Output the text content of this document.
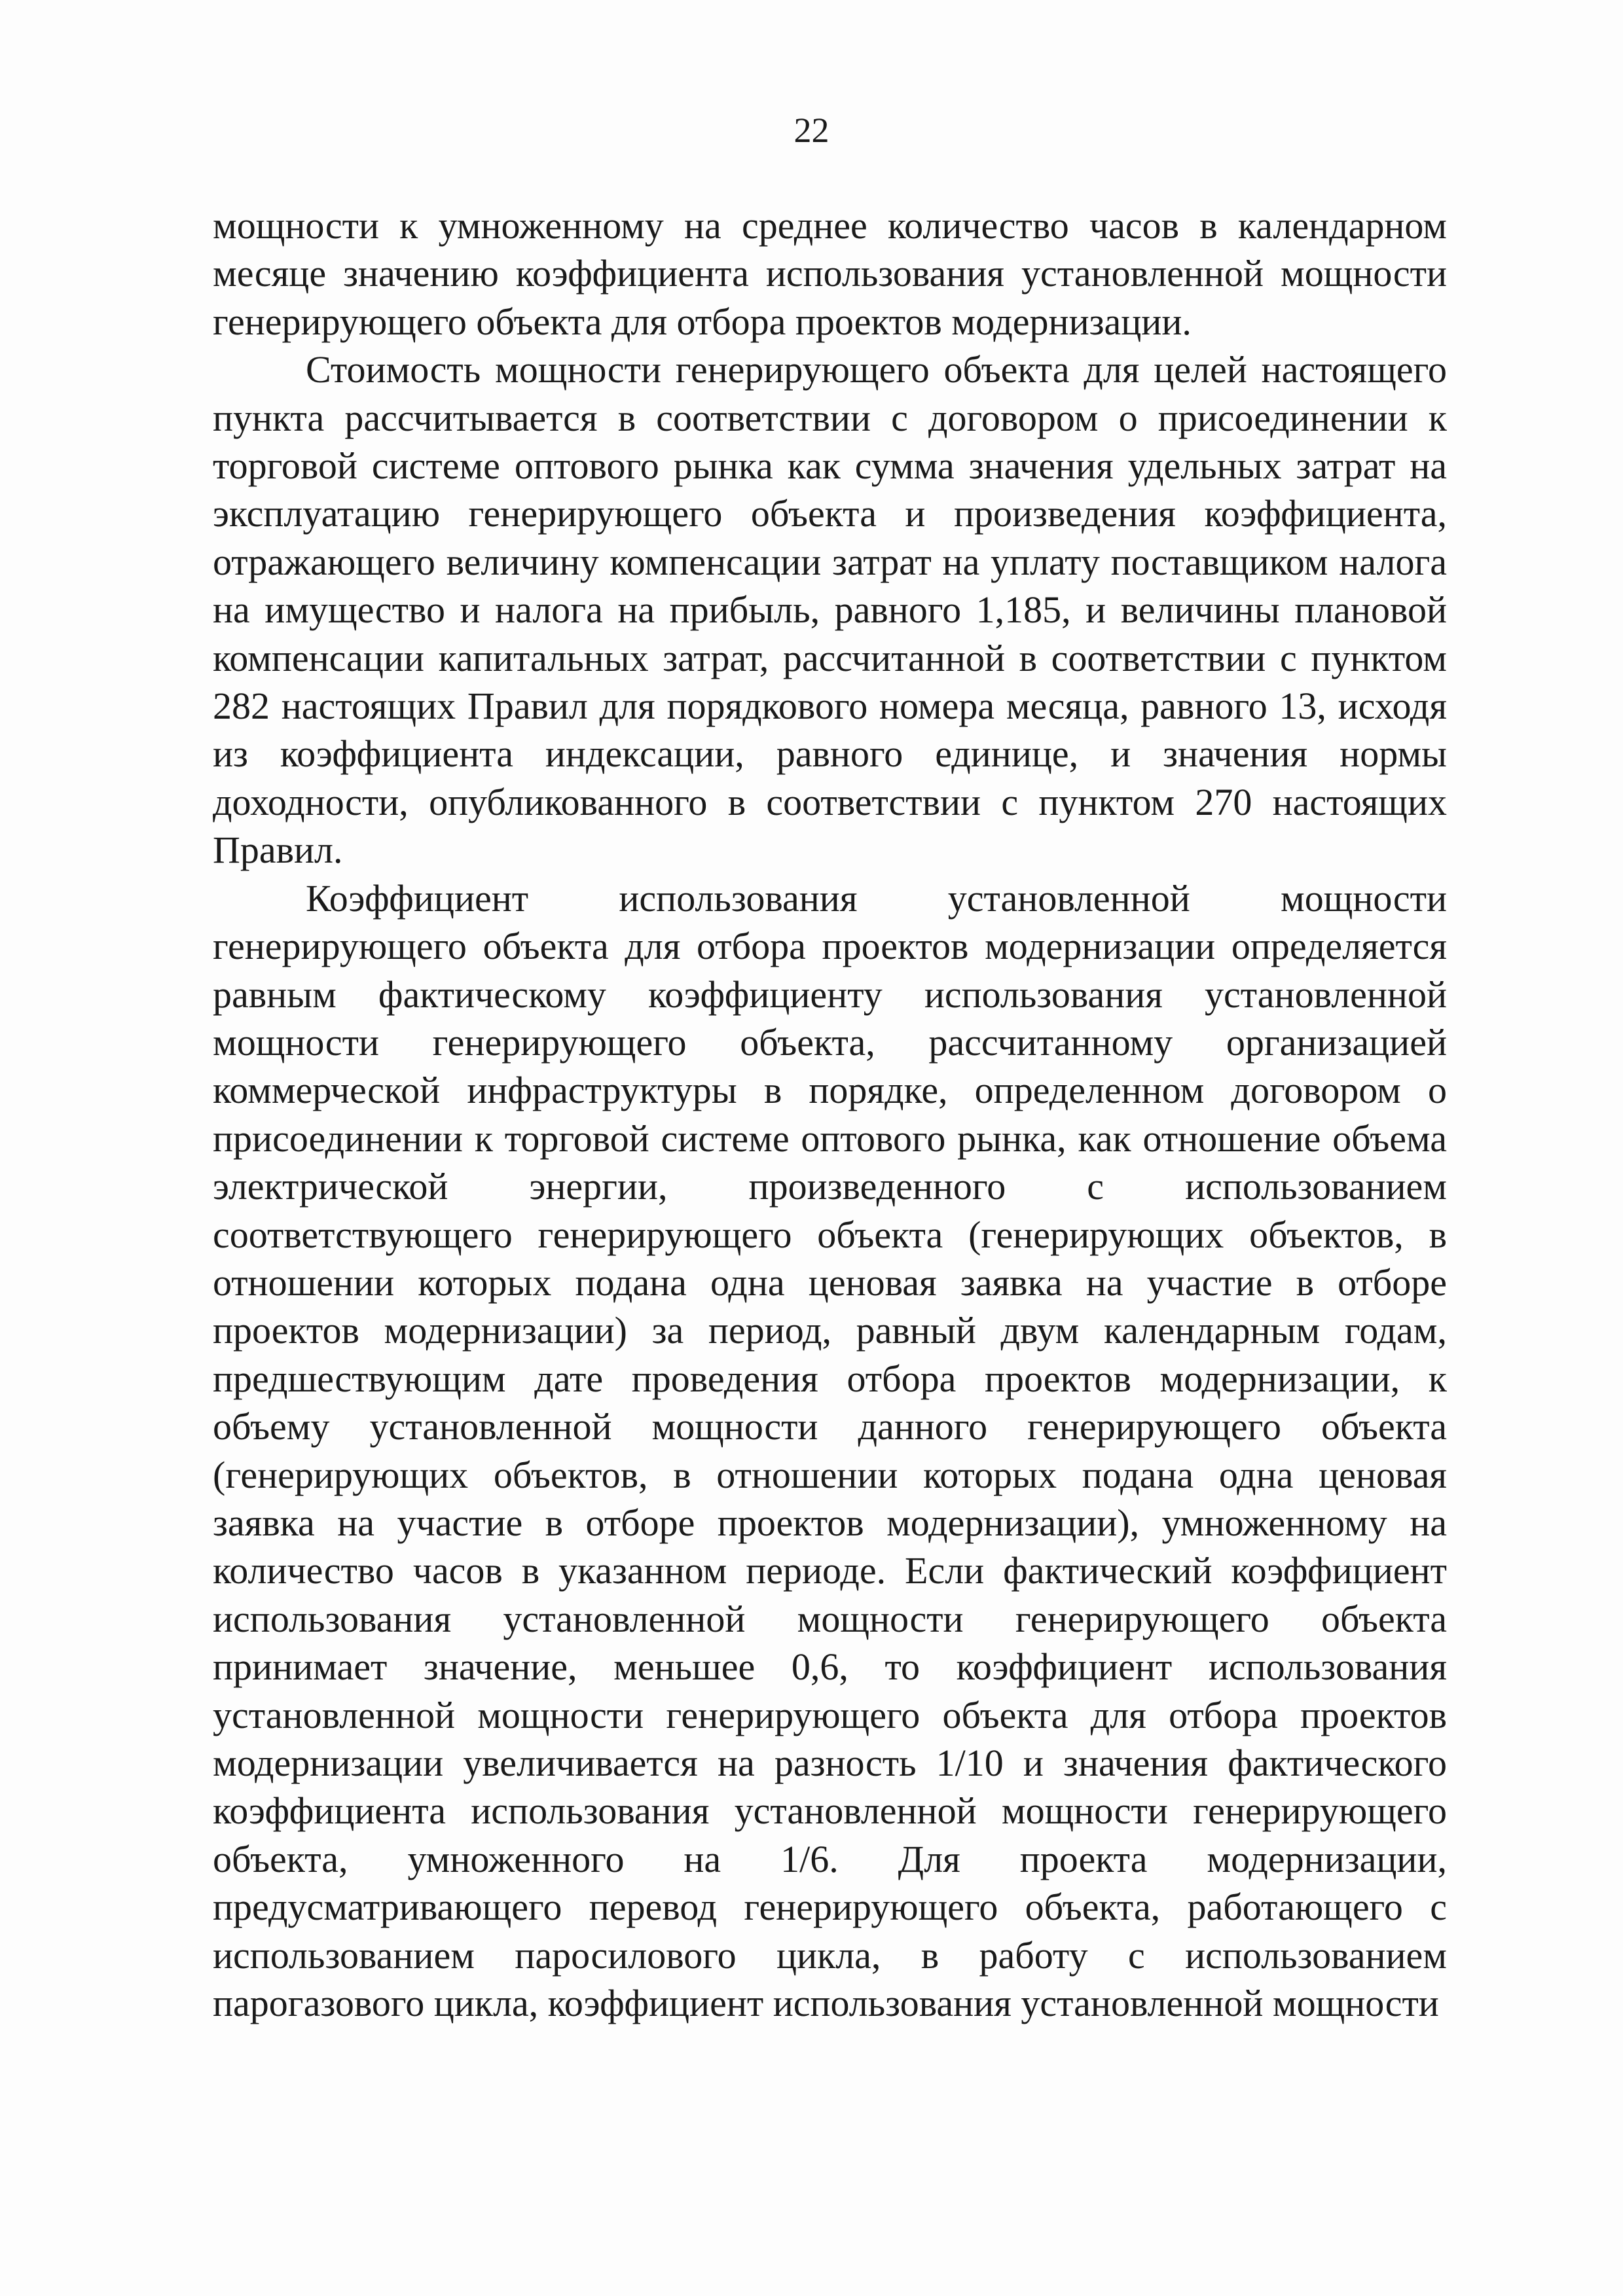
22

мощности к умноженному на среднее количество часов в календарном месяце значению коэффициента использования установленной мощности генерирующего объекта для отбора проектов модернизации.

Стоимость мощности генерирующего объекта для целей настоящего пункта рассчитывается в соответствии с договором о присоединении к торговой системе оптового рынка как сумма значения удельных затрат на эксплуатацию генерирующего объекта и произведения коэффициента, отражающего величину компенсации затрат на уплату поставщиком налога на имущество и налога на прибыль, равного 1,185, и величины плановой компенсации капитальных затрат, рассчитанной в соответствии с пунктом 282 настоящих Правил для порядкового номера месяца, равного 13, исходя из коэффициента индексации, равного единице, и значения нормы доходности, опубликованного в соответствии с пунктом 270 настоящих Правил.

Коэффициент использования установленной мощности генерирующего объекта для отбора проектов модернизации определяется равным фактическому коэффициенту использования установленной мощности генерирующего объекта, рассчитанному организацией коммерческой инфраструктуры в порядке, определенном договором о присоединении к торговой системе оптового рынка, как отношение объема электрической энергии, произведенного с использованием соответствующего генерирующего объекта (генерирующих объектов, в отношении которых подана одна ценовая заявка на участие в отборе проектов модернизации) за период, равный двум календарным годам, предшествующим дате проведения отбора проектов модернизации, к объему установленной мощности данного генерирующего объекта (генерирующих объектов, в отношении которых подана одна ценовая заявка на участие в отборе проектов модернизации), умноженному на количество часов в указанном периоде. Если фактический коэффициент использования установленной мощности генерирующего объекта принимает значение, меньшее 0,6, то коэффициент использования установленной мощности генерирующего объекта для отбора проектов модернизации увеличивается на разность 1/10 и значения фактического коэффициента использования установленной мощности генерирующего объекта, умноженного на 1/6. Для проекта модернизации, предусматривающего перевод генерирующего объекта, работающего с использованием паросилового цикла, в работу с использованием парогазового цикла, коэффициент использования установленной мощности
